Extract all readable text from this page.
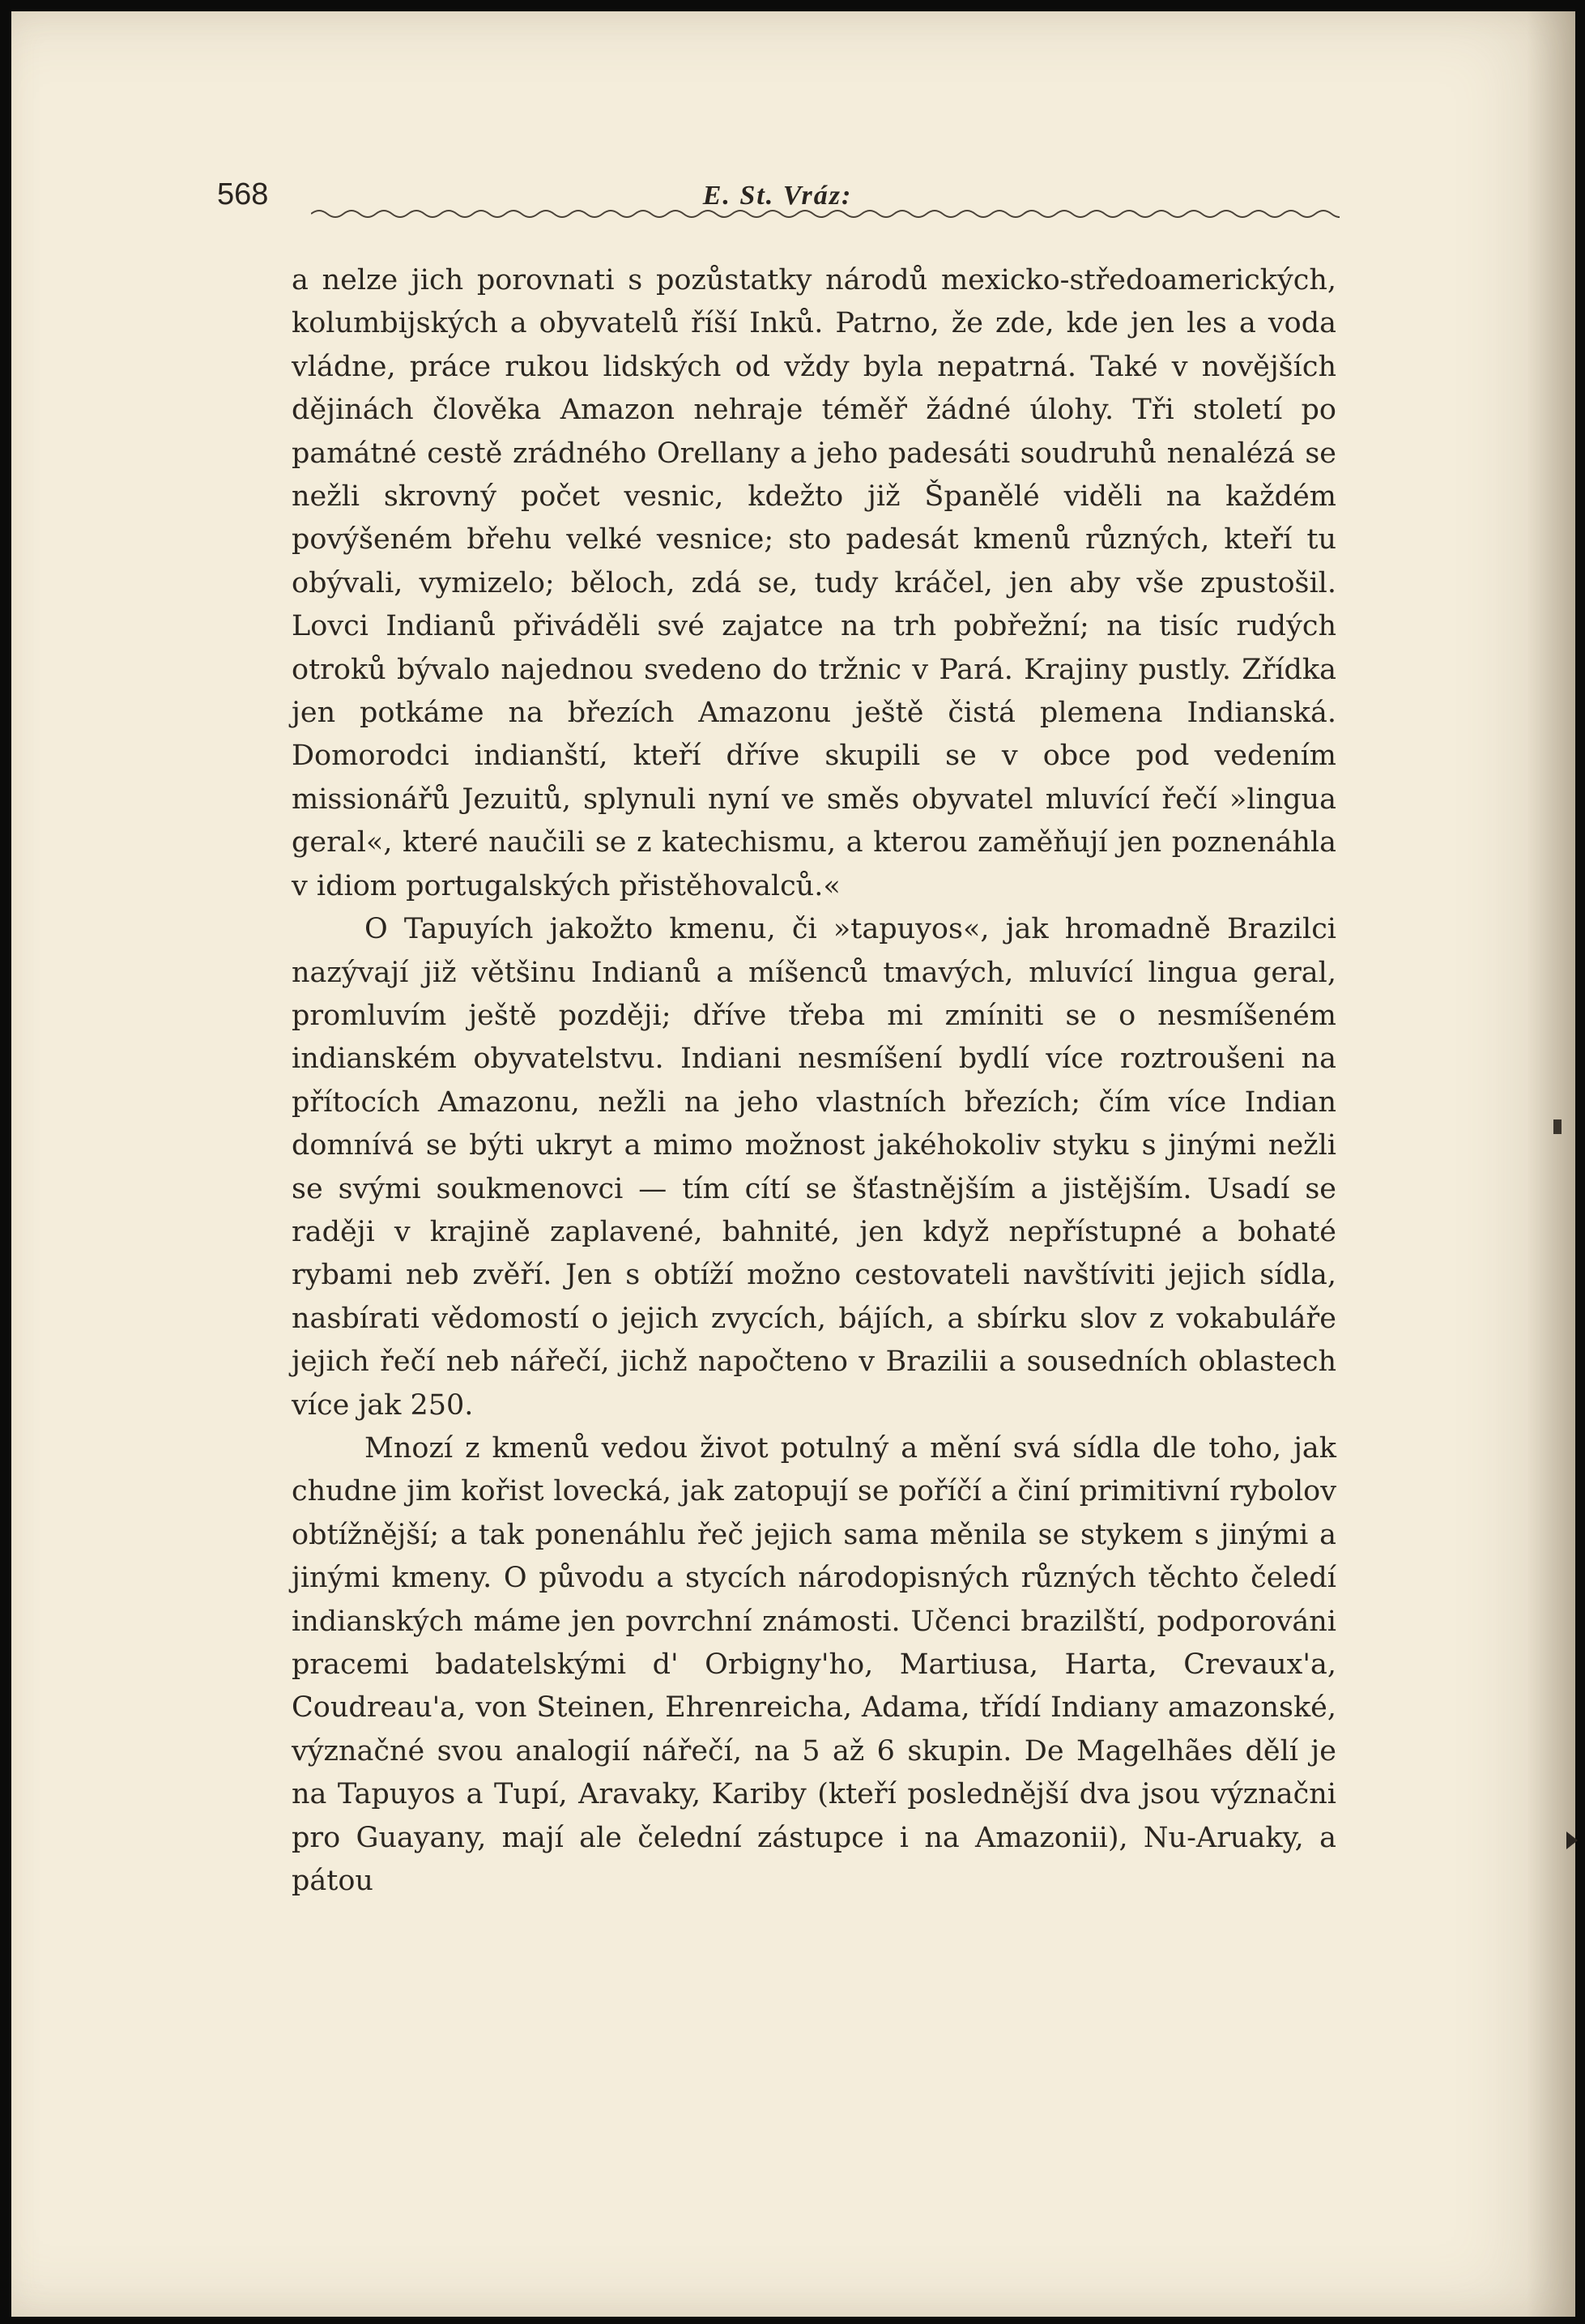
568	E. St. Vráz:

a nelze jich porovnati s pozůstatky národů mexicko-středoamerických, kolumbijských a obyvatelů říší Inků. Patrno, že zde, kde jen les a voda vládne, práce rukou lidských od vždy byla nepatrná. Také v novějších dějinách člověka Amazon nehraje téměř žádné úlohy. Tři století po památné cestě zrádného Orellany a jeho padesáti soudruhů nenalézá se nežli skrovný počet vesnic, kdežto již Španělé viděli na každém povýšeném břehu velké vesnice; sto padesát kmenů různých, kteří tu obývali, vymizelo; běloch, zdá se, tudy kráčel, jen aby vše zpustošil. Lovci Indianů přiváděli své zajatce na trh pobřežní; na tisíc rudých otroků bývalo najednou svedeno do tržnic v Pará. Krajiny pustly. Zřídka jen potkáme na březích Amazonu ještě čistá plemena Indianská. Domorodci indianští, kteří dříve skupili se v obce pod vedením missionářů Jezuitů, splynuli nyní ve směs obyvatel mluvící řečí »lingua geral«, které naučili se z katechismu, a kterou zaměňují jen poznenáhla v idiom portugalských přistěhovalců.«

O Tapuyích jakožto kmenu, či »tapuyos«, jak hromadně Brazilci nazývají již většinu Indianů a míšenců tmavých, mluvící lingua geral, promluvím ještě později; dříve třeba mi zmíniti se o nesmíšeném indianském obyvatelstvu. Indiani nesmíšení bydlí více roztroušeni na přítocích Amazonu, nežli na jeho vlastních březích; čím více Indian domnívá se býti ukryt a mimo možnost jakéhokoliv styku s jinými nežli se svými soukmenovci — tím cítí se šťastnějším a jistějším. Usadí se raději v krajině zaplavené, bahnité, jen když nepřístupné a bohaté rybami neb zvěří. Jen s obtíží možno cestovateli navštíviti jejich sídla, nasbírati vědomostí o jejich zvycích, bájích, a sbírku slov z vokabuláře jejich řečí neb nářečí, jichž napočteno v Brazilii a sousedních oblastech více jak 250.

Mnozí z kmenů vedou život potulný a mění svá sídla dle toho, jak chudne jim kořist lovecká, jak zatopují se poříčí a činí primitivní rybolov obtížnější; a tak ponenáhlu řeč jejich sama měnila se stykem s jinými a jinými kmeny. O původu a stycích národopisných různých těchto čeledí indianských máme jen povrchní známosti. Učenci brazilští, podporováni pracemi badatelskými d' Orbigny'ho, Martiusa, Harta, Crevaux'a, Coudreau'a, von Steinen, Ehrenreicha, Adama, třídí Indiany amazonské, význačné svou analogií nářečí, na 5 až 6 skupin. De Magelhães dělí je na Tapuyos a Tupí, Aravaky, Kariby (kteří poslednější dva jsou význačni pro Guayany, mají ale čelední zástupce i na Amazonii), Nu-Aruaky, a pátou
